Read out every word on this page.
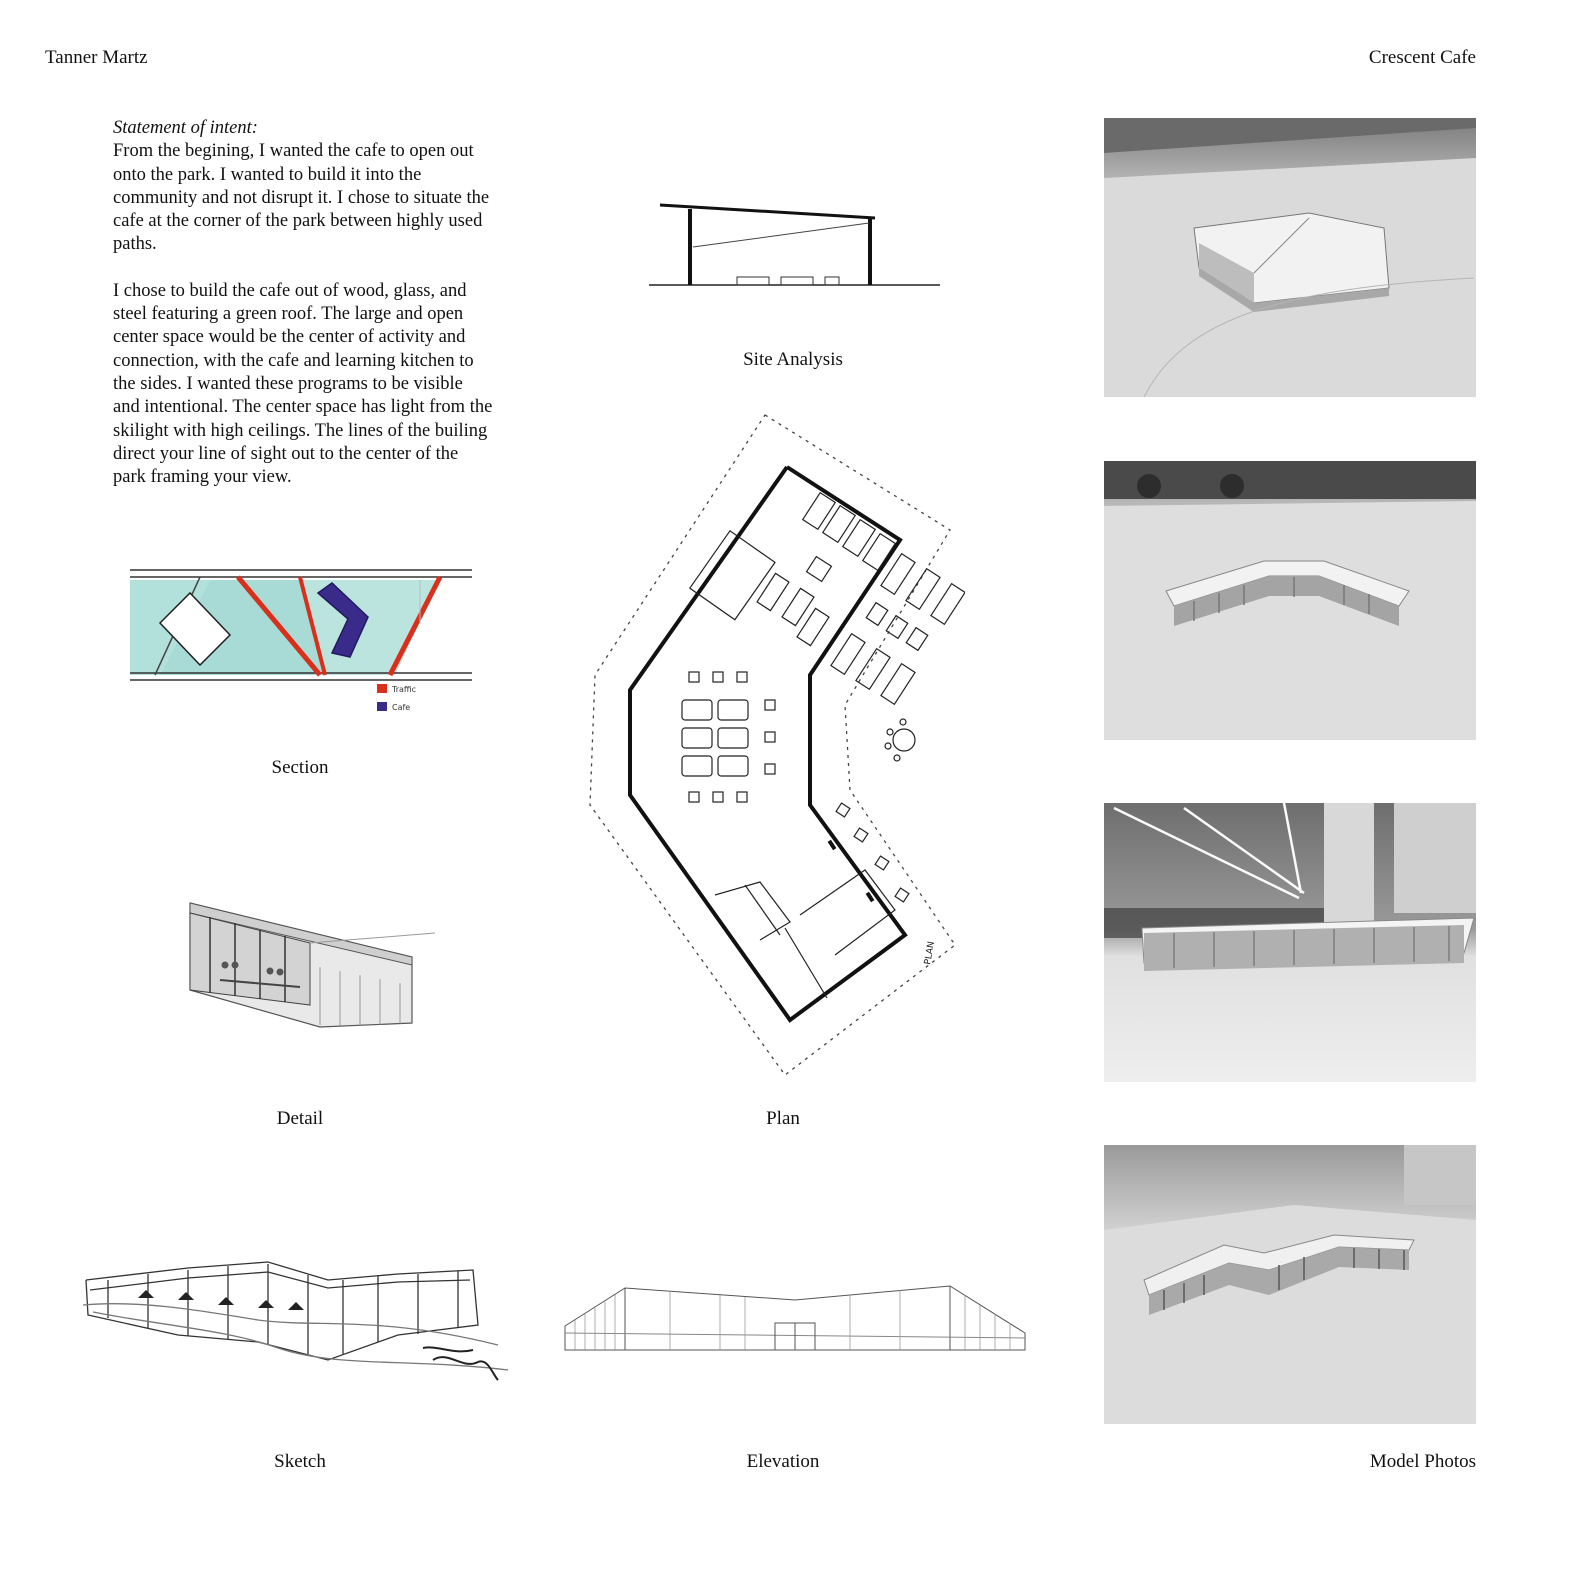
Tanner Martz	Crescent Cafe
Statement of intent:

From the begining, I wanted the cafe to open out onto the park. I wanted to build it into the community and not disrupt it. I chose to situate the cafe at the corner of the park between highly used paths.

I chose to build the cafe out of wood, glass, and steel featuring a green roof. The large and open center space would be the center of activity and connection, with the cafe and learning kitchen to the sides. I wanted these programs to be visible and intentional. The center space has light from the skilight with high ceilings. The lines of the builing direct your line of sight out to the center of the park framing your view.

Site Analysis
Traffic
Cafe
Section
PLAN
Plan
Detail
Sketch	Elevation	Model Photos
